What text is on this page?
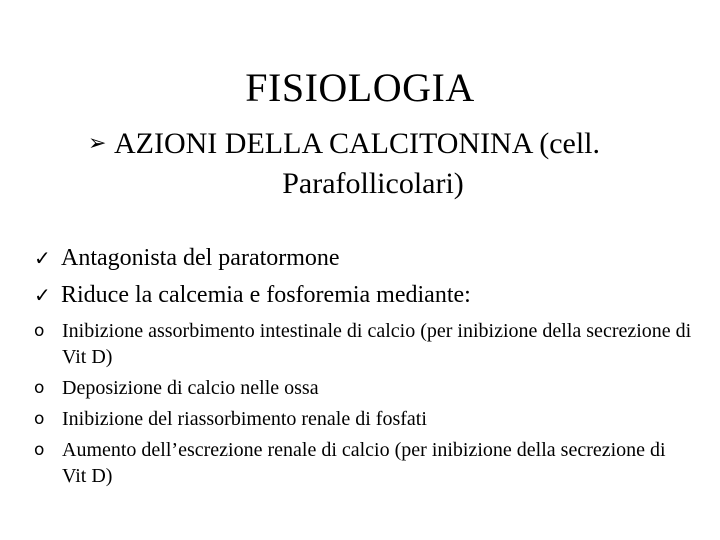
FISIOLOGIA
➢ AZIONI DELLA CALCITONINA (cell.
Parafollicolari)
✓ Antagonista del paratormone
✓ Riduce la calcemia e fosforemia mediante:
o Inibizione assorbimento intestinale di calcio (per inibizione della secrezione di Vit D)
o Deposizione di calcio nelle ossa
o Inibizione del riassorbimento renale di fosfati
o Aumento dell’escrezione renale di calcio (per inibizione della secrezione di Vit D)
